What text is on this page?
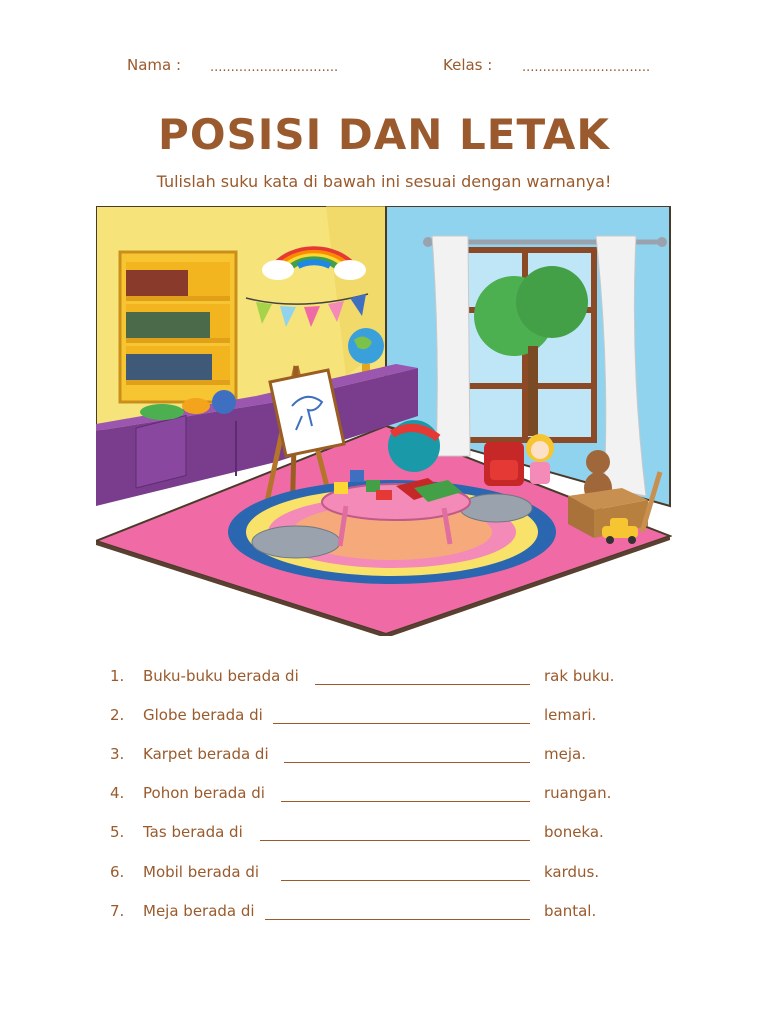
Nama : ...............................	Kelas : ...............................
POSISI DAN LETAK
Tulislah suku kata di bawah ini sesuai dengan warnanya!
1. Buku-buku berada di	rak buku.
2. Globe berada di	lemari.
3. Karpet berada di	meja.
4. Pohon berada di	ruangan.
5. Tas berada di	boneka.
6. Mobil berada di	kardus.
7. Meja berada di	bantal.
